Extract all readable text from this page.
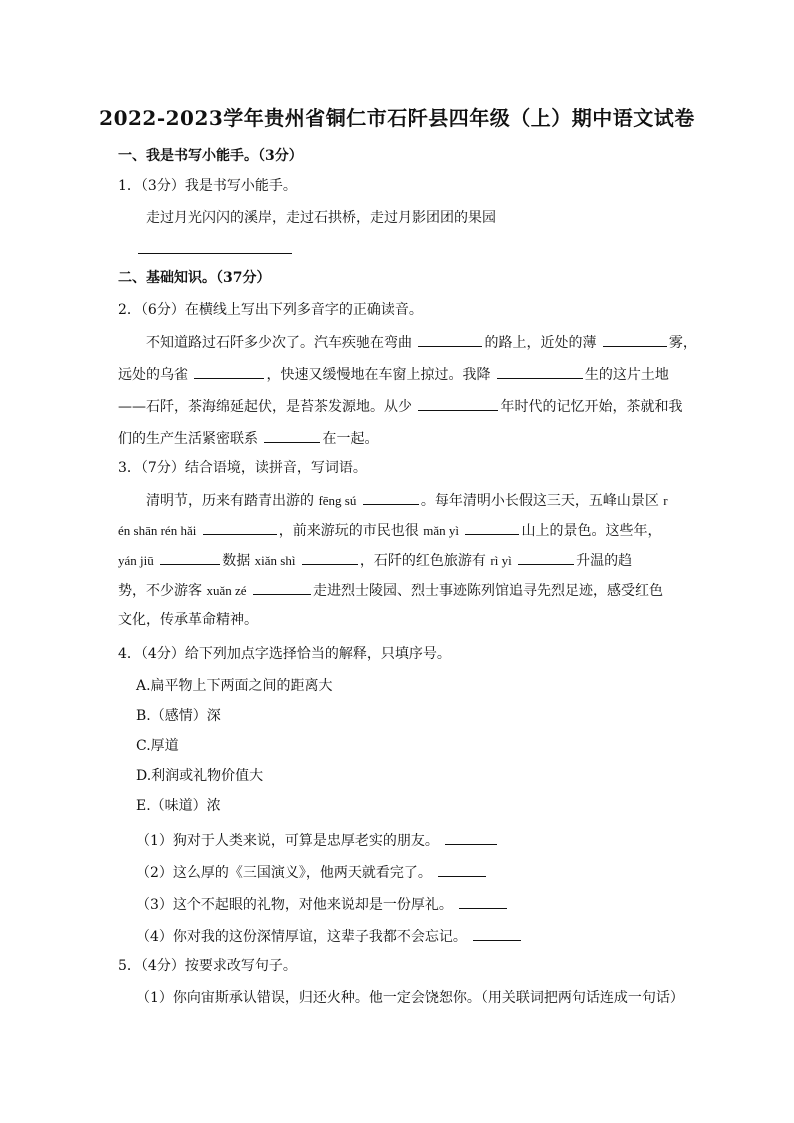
2022-2023学年贵州省铜仁市石阡县四年级（上）期中语文试卷
一、我是书写小能手。（3分）
1．（3分）我是书写小能手。
走过月光闪闪的溪岸，走过石拱桥，走过月影团团的果园
二、基础知识。（37分）
2．（6分）在横线上写出下列多音字的正确读音。
不知道路过石阡多少次了。汽车疾驰在弯曲	的路上，近处的薄	雾，
远处的乌雀	，快速又缓慢地在车窗上掠过。我降	生的这片土地
——石阡，茶海绵延起伏，是苔茶发源地。从少	年时代的记忆开始，茶就和我
们的生产生活紧密联系	在一起。
3．（7分）结合语境，读拼音，写词语。
清明节，历来有踏青出游的 fēng sú	。每年清明小长假这三天，五峰山景区 r
én shān rén hǎi	，前来游玩的市民也很 mǎn yì	山上的景色。这些年，
yán jiū	数据 xiǎn shì	，石阡的红色旅游有 rì yì	升温的趋
势，不少游客 xuǎn zé	走进烈士陵园、烈士事迹陈列馆追寻先烈足迹，感受红色
文化，传承革命精神。
4．（4分）给下列加点字选择恰当的解释，只填序号。
A.扁平物上下两面之间的距离大
B.（感情）深
C.厚道
D.利润或礼物价值大
E.（味道）浓
（1）狗对于人类来说，可算是忠厚老实的朋友。
（2）这么厚的《三国演义》，他两天就看完了。
（3）这个不起眼的礼物，对他来说却是一份厚礼。
（4）你对我的这份深情厚谊，这辈子我都不会忘记。
5．（4分）按要求改写句子。
（1）你向宙斯承认错误，归还火种。他一定会饶恕你。（用关联词把两句话连成一句话）
